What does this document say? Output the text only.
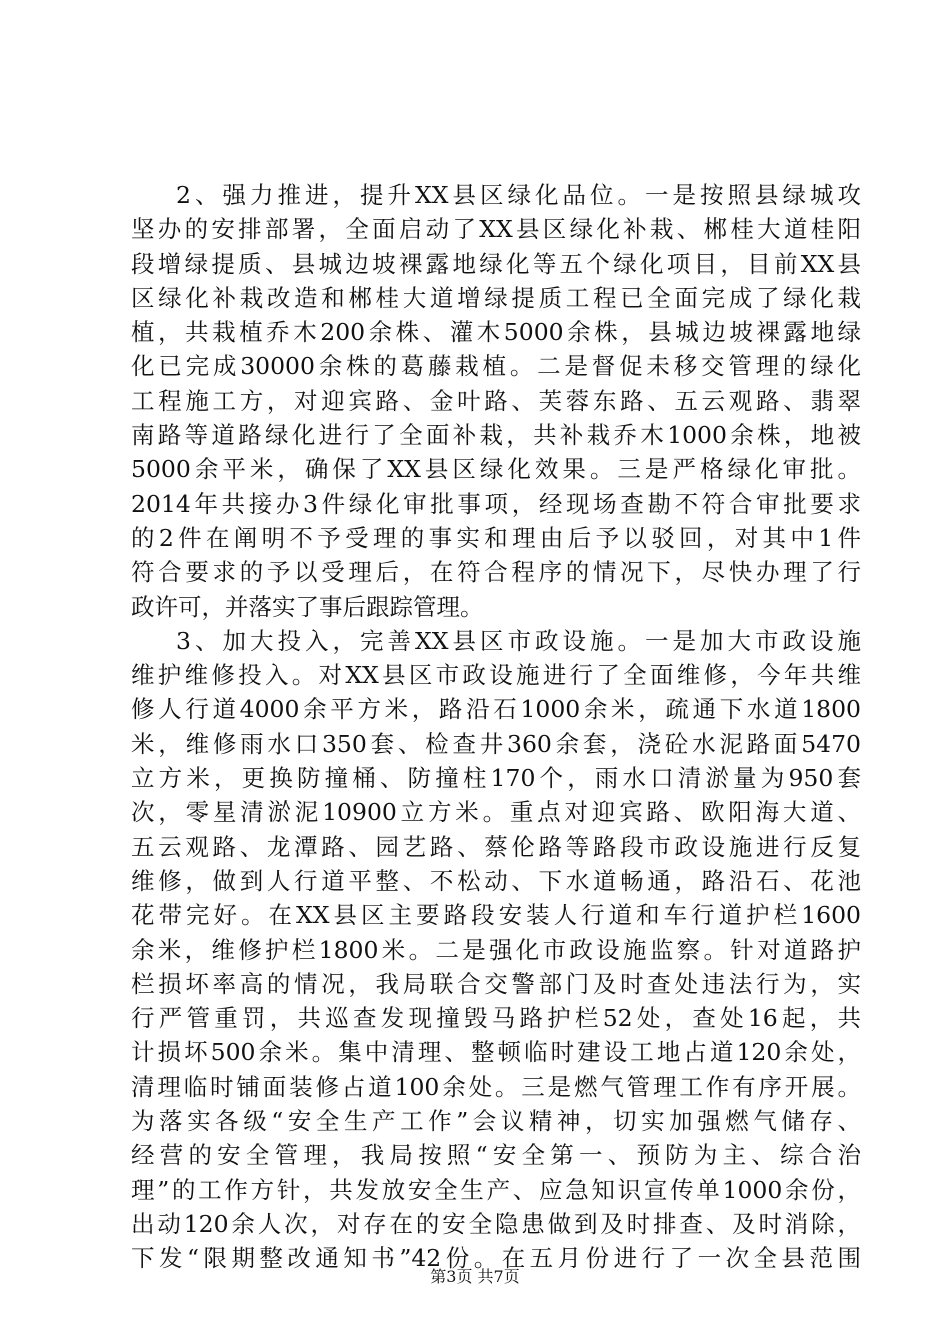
2、强力推进，提升XX县区绿化品位。一是按照县绿城攻
坚办的安排部署，全面启动了XX县区绿化补栽、郴桂大道桂阳
段增绿提质、县城边坡裸露地绿化等五个绿化项目，目前XX县
区绿化补栽改造和郴桂大道增绿提质工程已全面完成了绿化栽
植，共栽植乔木200余株、灌木5000余株，县城边坡裸露地绿
化已完成30000余株的葛藤栽植。二是督促未移交管理的绿化
工程施工方，对迎宾路、金叶路、芙蓉东路、五云观路、翡翠
南路等道路绿化进行了全面补栽，共补栽乔木1000余株，地被
5000余平米，确保了XX县区绿化效果。三是严格绿化审批。
2014年共接办3件绿化审批事项，经现场查勘不符合审批要求
的2件在阐明不予受理的事实和理由后予以驳回，对其中1件
符合要求的予以受理后，在符合程序的情况下，尽快办理了行
政许可，并落实了事后跟踪管理。
3、加大投入，完善XX县区市政设施。一是加大市政设施
维护维修投入。对XX县区市政设施进行了全面维修，今年共维
修人行道4000余平方米，路沿石1000余米，疏通下水道1800
米，维修雨水口350套、检查井360余套，浇砼水泥路面5470
立方米，更换防撞桶、防撞柱170个，雨水口清淤量为950套
次，零星清淤泥10900立方米。重点对迎宾路、欧阳海大道、
五云观路、龙潭路、园艺路、蔡伦路等路段市政设施进行反复
维修，做到人行道平整、不松动、下水道畅通，路沿石、花池
花带完好。在XX县区主要路段安装人行道和车行道护栏1600
余米，维修护栏1800米。二是强化市政设施监察。针对道路护
栏损坏率高的情况，我局联合交警部门及时查处违法行为，实
行严管重罚，共巡查发现撞毁马路护栏52处，查处16起，共
计损坏500余米。集中清理、整顿临时建设工地占道120余处，
清理临时铺面装修占道100余处。三是燃气管理工作有序开展。
为落实各级“安全生产工作”会议精神，切实加强燃气储存、
经营的安全管理，我局按照“安全第一、预防为主、综合治
理”的工作方针，共发放安全生产、应急知识宣传单1000余份，
出动120余人次，对存在的安全隐患做到及时排查、及时消除，
下发“限期整改通知书”42份。在五月份进行了一次全县范围
第3页 共7页
